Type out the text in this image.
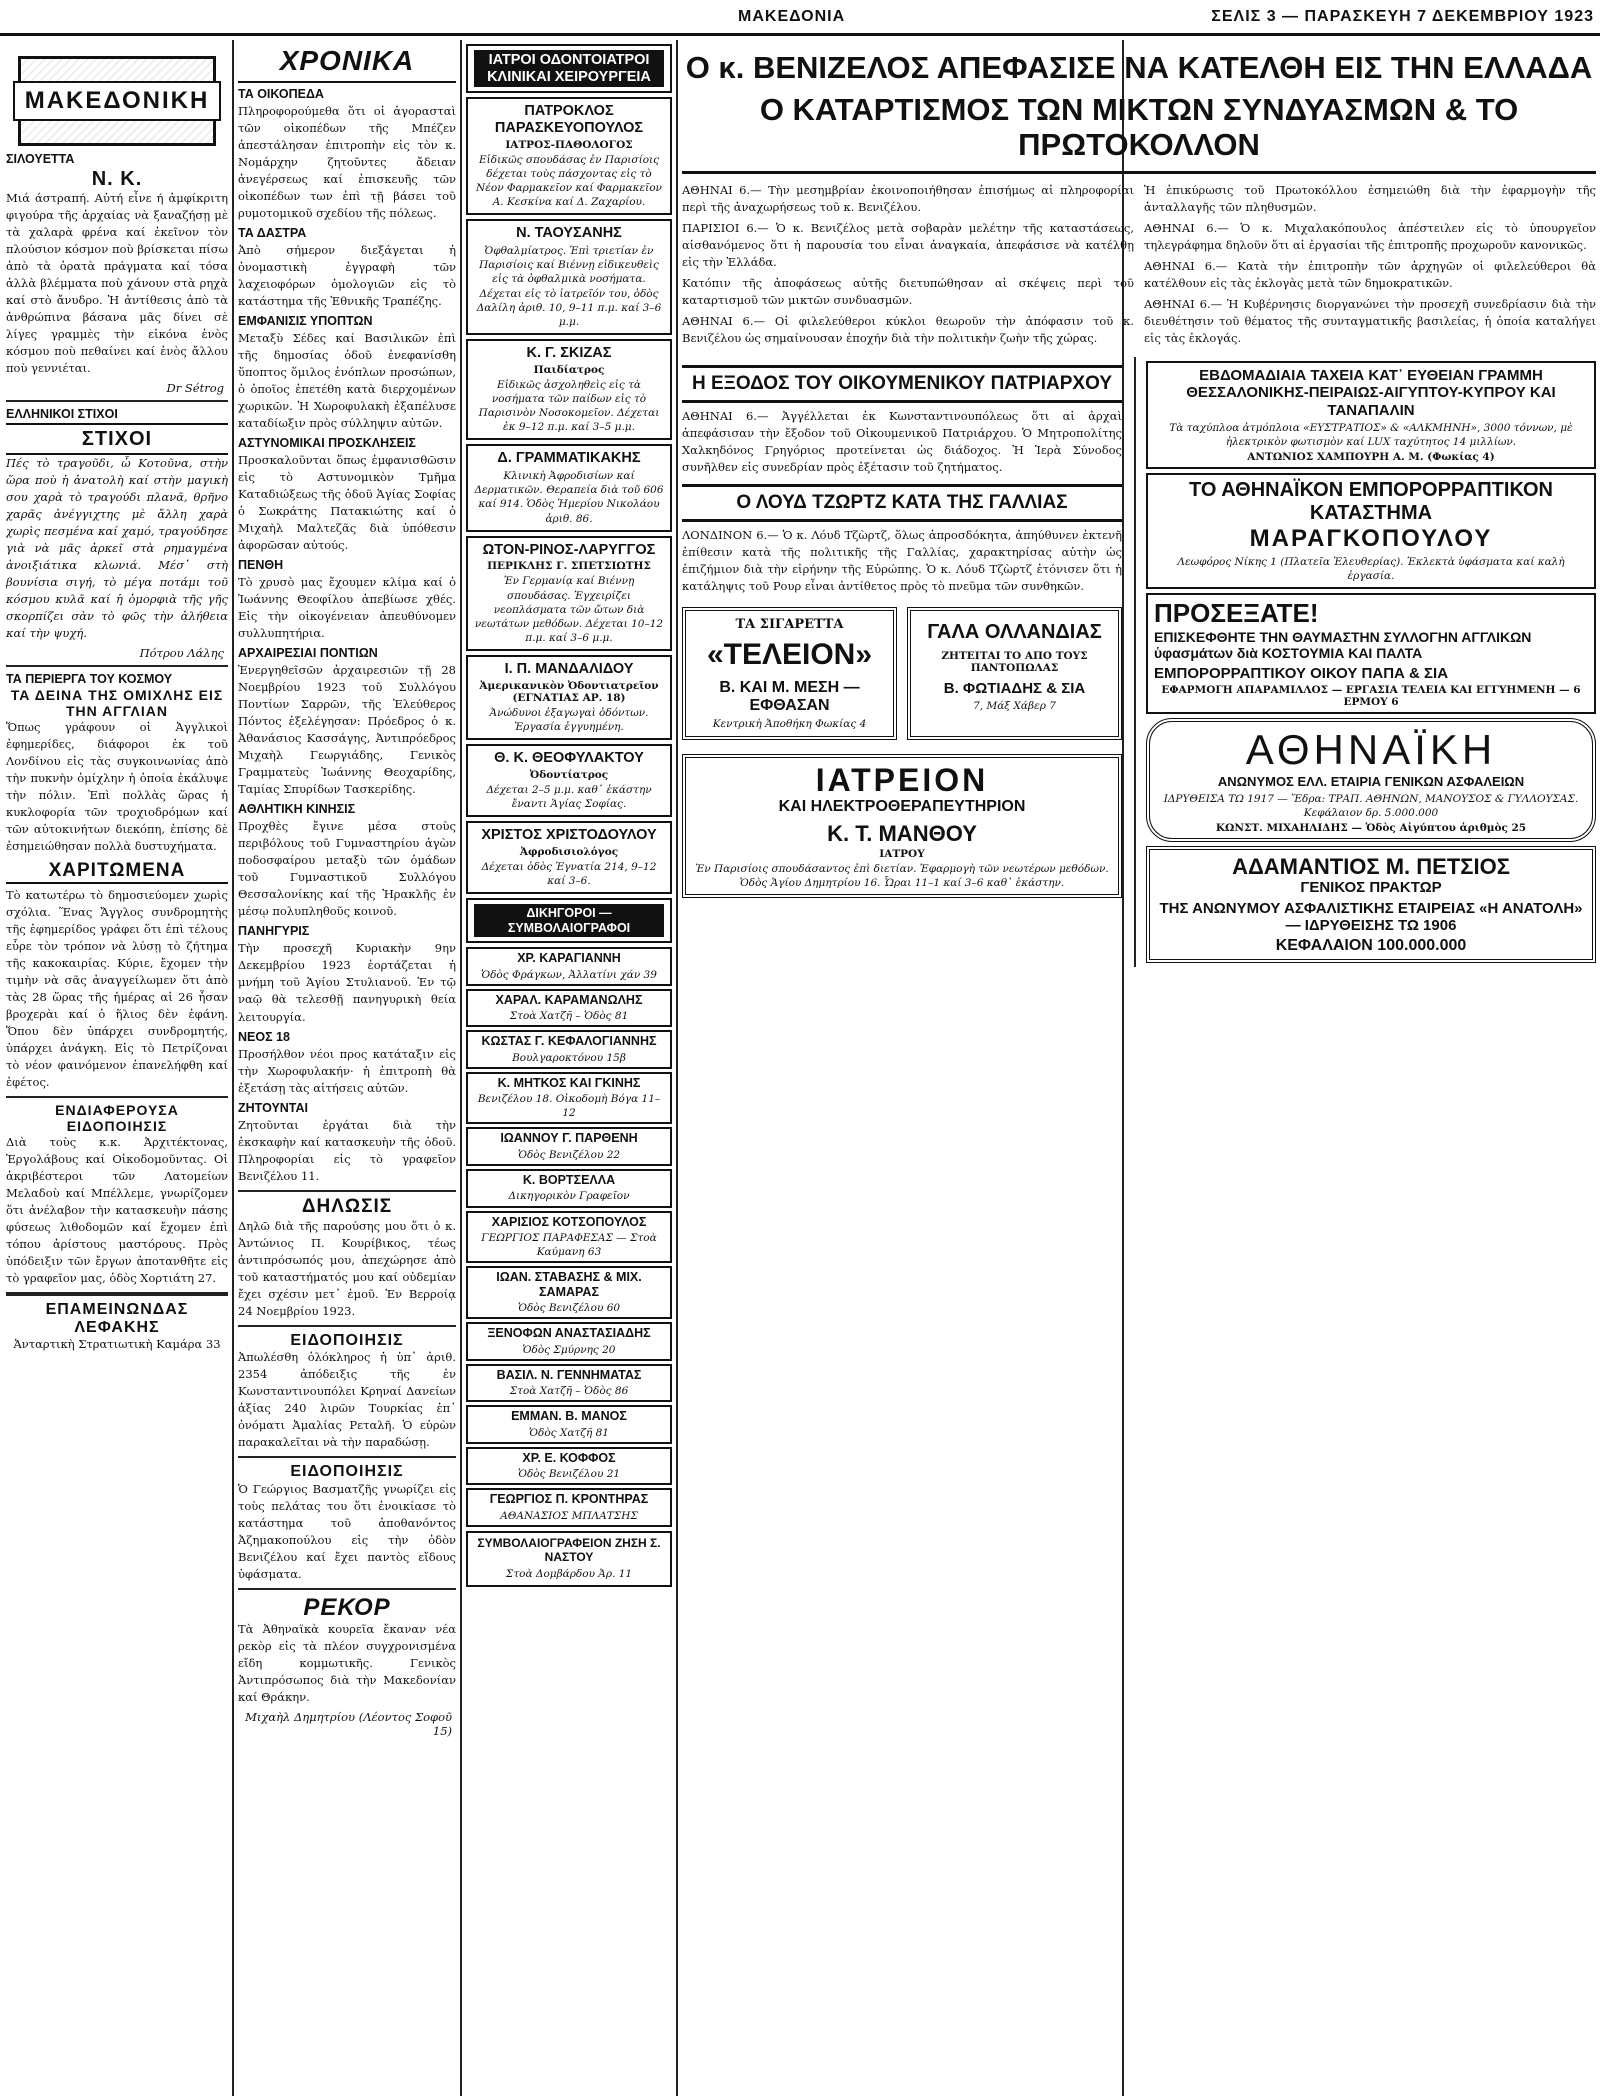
ΜΑΚΕΔΟΝΙΑ	ΣΕΛΙΣ 3 — ΠΑΡΑΣΚΕΥΗ 7 ΔΕΚΕΜΒΡΙΟΥ 1923
ΜΑΚΕΔΟΝΙΚΗ
ΣΙΛΟΥΕΤΤΑ
Ν. Κ.
Μιά άστραπή. Αὐτή εἶνε ή ἀμφίκριτη φιγούρα τῆς ἀρχαίας νὰ ξαναζήσῃ μὲ τὰ χαλαρὰ φρένα καί ἐκεῖνον τὸν πλούσιον κόσμον ποὺ βρίσκεται πίσω ἀπὸ τὰ ὁρατὰ πράγματα καί τόσα ἀλλὰ βλέμματα ποὺ χάνουν στὰ ρηχὰ καί στὸ ἄνυδρο. Ἡ ἀντίθεσις ἀπὸ τὰ ἀνθρώπινα βάσανα μᾶς δίνει σὲ λίγες γραμμὲς τὴν εἰκόνα ἑνὸς κόσμου ποὺ πεθαίνει καί ἑνὸς ἄλλου ποὺ γεννιέται.
Dr Sétrog
ΕΛΛΗΝΙΚΟΙ ΣΤΙΧΟΙ
ΣΤΙΧΟΙ
Πές τὸ τραγοῦδι, ὦ Κοτοῦνα, στὴν ὥρα ποὺ ἡ ἀνατολὴ καί στὴν μαγικὴ σου χαρὰ τὸ τραγούδι πλανᾶ, θρῆνο χαρᾶς ἀνέγγιχτης μὲ ἄλλη χαρὰ χωρὶς πεσμένα καί χαμό, τραγούδησε γιὰ νὰ μᾶς ἀρκεῖ στὰ ρημαγμένα ἀνοιξιάτικα κλωνιά. Μέσ᾽ στὴ βουνίσια σιγή, τὸ μέγα ποτάμι τοῦ κόσμου κυλᾶ καί ἡ ὁμορφιὰ τῆς γῆς σκορπίζει σὰν τὸ φῶς τὴν ἀλήθεια καί τὴν ψυχή.
Πότρου Λάλης
ΤΑ ΠΕΡΙΕΡΓΑ ΤΟΥ ΚΟΣΜΟΥ
ΤΑ ΔΕΙΝΑ ΤΗΣ ΟΜΙΧΛΗΣ ΕΙΣ ΤΗΝ ΑΓΓΛΙΑΝ
Ὅπως γράφουν οἱ Ἀγγλικοὶ ἐφημερίδες, διάφοροι ἐκ τοῦ Λονδίνου εἰς τὰς συγκοινωνίας ἀπὸ τὴν πυκνὴν ὁμίχλην ἡ ὁποία ἐκάλυψε τὴν πόλιν. Ἐπὶ πολλὰς ὥρας ἡ κυκλοφορία τῶν τροχιοδρόμων καί τῶν αὐτοκινήτων διεκόπη, ἐπίσης δὲ ἐσημειώθησαν πολλὰ δυστυχήματα.
ΧΑΡΙΤΩΜΕΝΑ
Τὸ κατωτέρω τὸ δημοσιεύομεν χωρὶς σχόλια. Ἕνας Ἄγγλος συνδρομητὴς τῆς ἐφημερίδος γράφει ὅτι ἐπὶ τέλους εὗρε τὸν τρόπον νὰ λύσῃ τὸ ζήτημα τῆς κακοκαιρίας. Κύριε, ἔχομεν τὴν τιμὴν νὰ σᾶς ἀναγγείλωμεν ὅτι ἀπὸ τὰς 28 ὥρας τῆς ἡμέρας αἱ 26 ἦσαν βροχερὰι καί ὁ ἥλιος δὲν ἐφάνη. Ὅπου δὲν ὑπάρχει συνδρομητής, ὑπάρχει ἀνάγκη. Εἰς τὸ Πετρίζοναι τὸ νέον φαινόμενον ἐπανελήφθη καί ἐφέτος.
ΕΝΔΙΑΦΕΡΟΥΣΑ ΕΙΔΟΠΟΙΗΣΙΣ
Διὰ τοὺς κ.κ. Ἀρχιτέκτονας, Ἐργολάβους καί Οἰκοδομοῦντας. Οἱ ἀκριβέστεροι τῶν Λατομείων Μελαδοὺ καί Μπέλλεμε, γνωρίζομεν ὅτι ἀνέλαβον τὴν κατασκευὴν πάσης φύσεως λιθοδομῶν καί ἔχομεν ἐπὶ τόπου ἀρίστους μαστόρους. Πρὸς ὑπόδειξιν τῶν ἔργων ἀποτανθῆτε εἰς τὸ γραφεῖον μας, ὁδὸς Χορτιάτη 27.
ΕΠΑΜΕΙΝΩΝΔΑΣ ΛΕΦΑΚΗΣ
Ἀνταρτικὴ Στρατιωτικὴ Καμάρα 33
ΧΡΟΝΙΚΑ
ΤΑ ΟΙΚΟΠΕΔΑ
Πληροφορούμεθα ὅτι οἱ ἀγορασταὶ τῶν οἰκοπέδων τῆς Μπέζεν ἀπεστάλησαν ἐπιτροπὴν εἰς τὸν κ. Νομάρχην ζητοῦντες ἄδειαν ἀνεγέρσεως καί ἐπισκευῆς τῶν οἰκοπέδων των ἐπὶ τῇ βάσει τοῦ ρυμοτομικοῦ σχεδίου τῆς πόλεως.
ΤΑ ΔΑΣΤΡΑ
Ἀπὸ σήμερον διεξάγεται ἡ ὀνομαστικὴ ἐγγραφὴ τῶν λαχειοφόρων ὁμολογιῶν εἰς τὸ κατάστημα τῆς Ἐθνικῆς Τραπέζης.
ΕΜΦΑΝΙΣΙΣ ΥΠΟΠΤΩΝ
Μεταξὺ Σέδες καί Βασιλικῶν ἐπὶ τῆς δημοσίας ὁδοῦ ἐνεφανίσθη ὕποπτος ὅμιλος ἐνόπλων προσώπων, ὁ ὁποῖος ἐπετέθη κατὰ διερχομένων χωρικῶν. Ἡ Χωροφυλακὴ ἐξαπέλυσε καταδίωξιν πρὸς σύλληψιν αὐτῶν.
ΑΣΤΥΝΟΜΙΚΑΙ ΠΡΟΣΚΛΗΣΕΙΣ
Προσκαλοῦνται ὅπως ἐμφανισθῶσιν εἰς τὸ Αστυνομικὸν Τμῆμα Καταδιώξεως τῆς ὁδοῦ Ἁγίας Σοφίας ὁ Σωκράτης Πατακιώτης καί ὁ Μιχαὴλ Μαλτεζᾶς διὰ ὑπόθεσιν ἀφορῶσαν αὐτούς.
ΠΕΝΘΗ
Τὸ χρυσὸ μας ἔχουμεν κλίμα καί ὁ Ἰωάννης Θεοφίλου ἀπεβίωσε χθές. Εἰς τὴν οἰκογένειαν ἀπευθύνομεν συλλυπητήρια.
ΑΡΧΑΙΡΕΣΙΑΙ ΠΟΝΤΙΩΝ
Ἐνεργηθεῖσῶν ἀρχαιρεσιῶν τῇ 28 Νοεμβρίου 1923 τοῦ Συλλόγου Ποντίων Σαρρῶν, τῆς Ἐλεύθερος Πόντος ἐξελέγησαν: Πρόεδρος ὁ κ. Ἀθανάσιος Κασσάγης, Ἀντιπρόεδρος Μιχαὴλ Γεωργιάδης, Γενικὸς Γραμματεὺς Ἰωάννης Θεοχαρίδης, Ταμίας Σπυρίδων Τασκερίδης.
ΑΘΛΗΤΙΚΗ ΚΙΝΗΣΙΣ
Προχθὲς ἔγινε μέσα στοὺς περιβόλους τοῦ Γυμναστηρίου ἀγὼν ποδοσφαίρου μεταξὺ τῶν ὁμάδων τοῦ Γυμναστικοῦ Συλλόγου Θεσσαλονίκης καί τῆς Ἠρακλῆς ἐν μέσῳ πολυπληθοῦς κοινοῦ.
ΠΑΝΗΓΥΡΙΣ
Τὴν προσεχῆ Κυριακὴν 9ην Δεκεμβρίου 1923 ἑορτάζεται ἡ μνήμη τοῦ Ἁγίου Στυλιανοῦ. Ἐν τῷ ναῷ θὰ τελεσθῇ πανηγυρικὴ θεία λειτουργία.
ΝΕΟΣ 18
Προσήλθον νέοι προς κατάταξιν εἰς τὴν Χωροφυλακήν· ἡ ἐπιτροπὴ θὰ ἐξετάσῃ τὰς αἰτήσεις αὐτῶν.
ΖΗΤΟΥΝΤΑΙ
Ζητοῦνται ἐργάται διὰ τὴν ἐκσκαφὴν καί κατασκευὴν τῆς ὁδοῦ. Πληροφορίαι εἰς τὸ γραφεῖον Βενιζέλου 11.
ΔΗΛΩΣΙΣ
Δηλῶ διὰ τῆς παρούσης μου ὅτι ὁ κ. Ἀντώνιος Π. Κουρίβικος, τέως ἀντιπρόσωπός μου, ἀπεχώρησε ἀπὸ τοῦ καταστήματός μου καί οὐδεμίαν ἔχει σχέσιν μετ᾽ ἐμοῦ. Ἐν Βερροίᾳ 24 Νοεμβρίου 1923.
ΕΙΔΟΠΟΙΗΣΙΣ
Ἀπωλέσθη ὁλόκληρος ἡ ὑπ᾽ ἀριθ. 2354 ἀπόδειξις τῆς ἐν Κωνσταντινουπόλει Κρηναί Δανείων ἀξίας 240 λιρῶν Τουρκίας ἐπ᾽ ὀνόματι Ἀμαλίας Ρεταλῆ. Ὁ εὑρὼν παρακαλεῖται νὰ τὴν παραδώσῃ.
ΕΙΔΟΠΟΙΗΣΙΣ
Ὁ Γεώργιος Βασματζῆς γνωρίζει εἰς τοὺς πελάτας του ὅτι ἐνοικίασε τὸ κατάστημα τοῦ ἀποθανόντος Ἀζημακοπούλου εἰς τὴν ὁδὸν Βενιζέλου καί ἔχει παντὸς εἴδους ὑφάσματα.
ΡΕΚΟΡ
Τὰ Ἀθηναϊκὰ κουρεῖα ἔκαναν νέα ρεκὸρ εἰς τὰ πλέον συγχρονισμένα εἴδη κομμωτικῆς. Γενικὸς Ἀντιπρόσωπος διὰ τὴν Μακεδονίαν καί Θράκην.
Μιχαὴλ Δημητρίου (Λέοντος Σοφοῦ 15)
ΙΑΤΡΟΙ ΟΔΟΝΤΟΙΑΤΡΟΙ ΚΛΙΝΙΚΑΙ ΧΕΙΡΟΥΡΓΕΙΑ
ΠΑΤΡΟΚΛΟΣ ΠΑΡΑΣΚΕΥΟΠΟΥΛΟΣ
ΙΑΤΡΟΣ-ΠΑΘΟΛΟΓΟΣ
Εἰδικῶς σπουδάσας ἐν Παρισίοις δέχεται τοὺς πάσχοντας εἰς τὸ Νέον Φαρμακεῖον καί Φαρμακεῖον Α. Κεσκίνα καί Δ. Ζαχαρίου.
Ν. ΤΑΟΥΣΑΝΗΣ
Ὀφθαλμίατρος. Ἐπὶ τριετίαν ἐν Παρισίοις καί Βιέννῃ εἰδικευθεὶς εἰς τὰ ὀφθαλμικὰ νοσήματα. Δέχεται εἰς τὸ ἰατρεῖόν του, ὁδὸς Δαλίλη ἀριθ. 10, 9–11 π.μ. καί 3–6 μ.μ.
Κ. Γ. ΣΚΙΖΑΣ
Παιδίατρος
Εἰδικῶς ἀσχοληθεὶς εἰς τὰ νοσήματα τῶν παίδων εἰς τὸ Παρισινὸν Νοσοκομεῖον. Δέχεται ἐκ 9–12 π.μ. καί 3–5 μ.μ.
Δ. ΓΡΑΜΜΑΤΙΚΑΚΗΣ
Κλινικὴ Ἀφροδισίων καί Δερματικῶν. Θεραπεία διὰ τοῦ 606 καί 914. Ὁδὸς Ἡμερίου Νικολάου ἀριθ. 86.
ΩΤΟΝ-ΡΙΝΟΣ-ΛΑΡΥΓΓΟΣ
ΠΕΡΙΚΛΗΣ Γ. ΣΠΕΤΣΙΩΤΗΣ
Ἐν Γερμανίᾳ καί Βιέννῃ σπουδάσας. Ἐγχειρίζει νεοπλάσματα τῶν ὤτων διὰ νεωτάτων μεθόδων. Δέχεται 10–12 π.μ. καί 3–6 μ.μ.
Ι. Π. ΜΑΝΔΑΛΙΔΟΥ
Ἀμερικανικὸν Ὀδοντιατρεῖον (ΕΓΝΑΤΙΑΣ ΑΡ. 18)
Ἀνώδυνοι ἐξαγωγαὶ ὀδόντων. Ἐργασία ἐγγυημένη.
Θ. Κ. ΘΕΟΦΥΛΑΚΤΟΥ
Ὀδοντίατρος
Δέχεται 2–5 μ.μ. καθ᾽ ἑκάστην ἔναντι Ἁγίας Σοφίας.
ΧΡΙΣΤΟΣ ΧΡΙΣΤΟΔΟΥΛΟΥ
Ἀφροδισιολόγος
Δέχεται ὁδὸς Ἐγνατία 214, 9–12 καί 3–6.
ΔΙΚΗΓΟΡΟΙ — ΣΥΜΒΟΛΑΙΟΓΡΑΦΟΙ
ΧΡ. ΚΑΡΑΓΙΑΝΝΗ
Ὁδὸς Φράγκων, Ἀλλατίνι χάν 39
ΧΑΡΑΛ. ΚΑΡΑΜΑΝΩΛΗΣ
Στοὰ Χατζῆ – Ὁδὸς 81
ΚΩΣΤΑΣ Γ. ΚΕΦΑΛΟΓΙΑΝΝΗΣ
Βουλγαροκτόνου 15β
Κ. ΜΗΤΚΟΣ ΚΑΙ ΓΚΙΝΗΣ
Βενιζέλου 18. Οἰκοδομὴ Βόγα 11–12
ΙΩΑΝΝΟΥ Γ. ΠΑΡΘΕΝΗ
Ὁδὸς Βενιζέλου 22
Κ. ΒΟΡΤΣΕΛΛΑ
Δικηγορικὸν Γραφεῖον
ΧΑΡΙΣΙΟΣ ΚΟΤΣΟΠΟΥΛΟΣ
ΓΕΩΡΓΙΟΣ ΠΑΡΑΦΕΣΑΣ — Στοὰ Καύμανη 63
ΙΩΑΝ. ΣΤΑΒΑΣΗΣ & ΜΙΧ. ΣΑΜΑΡΑΣ
Ὁδὸς Βενιζέλου 60
ΞΕΝΟΦΩΝ ΑΝΑΣΤΑΣΙΑΔΗΣ
Ὁδὸς Σμύρνης 20
ΒΑΣΙΛ. Ν. ΓΕΝΝΗΜΑΤΑΣ
Στοὰ Χατζῆ – Ὁδὸς 86
ΕΜΜΑΝ. Β. ΜΑΝΟΣ
Ὁδὸς Χατζῆ 81
ΧΡ. Ε. ΚΟΦΦΟΣ
Ὁδὸς Βενιζέλου 21
ΓΕΩΡΓΙΟΣ Π. ΚΡΟΝΤΗΡΑΣ
ΑΘΑΝΑΣΙΟΣ ΜΠΛΑΤΣΗΣ
ΣΥΜΒΟΛΑΙΟΓΡΑΦΕΙΟΝ ΖΗΣΗ Σ. ΝΑΣΤΟΥ
Στοὰ Δομβάρδου Ἀρ. 11
Ο κ. ΒΕΝΙΖΕΛΟΣ ΑΠΕΦΑΣΙΣΕ ΝΑ ΚΑΤΕΛΘΗ ΕΙΣ ΤΗΝ ΕΛΛΑΔΑ
Ο ΚΑΤΑΡΤΙΣΜΟΣ ΤΩΝ ΜΙΚΤΩΝ ΣΥΝΔΥΑΣΜΩΝ & ΤΟ ΠΡΩΤΟΚΟΛΛΟΝ
ΑΘΗΝΑΙ 6.— Τὴν μεσημβρίαν ἐκοινοποιήθησαν ἐπισήμως αἱ πληροφορίαι περὶ τῆς ἀναχωρήσεως τοῦ κ. Βενιζέλου.
ΠΑΡΙΣΙΟΙ 6.— Ὁ κ. Βενιζέλος μετὰ σοβαρὰν μελέτην τῆς καταστάσεως, αἰσθανόμενος ὅτι ἡ παρουσία του εἶναι ἀναγκαία, ἀπεφάσισε νὰ κατέλθῃ εἰς τὴν Ἑλλάδα.
Κατόπιν τῆς ἀποφάσεως αὐτῆς διετυπώθησαν αἱ σκέψεις περὶ τοῦ καταρτισμοῦ τῶν μικτῶν συνδυασμῶν.
ΑΘΗΝΑΙ 6.— Οἱ φιλελεύθεροι κύκλοι θεωροῦν τὴν ἀπόφασιν τοῦ κ. Βενιζέλου ὡς σημαίνουσαν ἐποχήν διὰ τὴν πολιτικὴν ζωὴν τῆς χώρας.
Ἡ ἐπικύρωσις τοῦ Πρωτοκόλλου ἐσημειώθη διὰ τὴν ἐφαρμογὴν τῆς ἀνταλλαγῆς τῶν πληθυσμῶν.
ΑΘΗΝΑΙ 6.— Ὁ κ. Μιχαλακόπουλος ἀπέστειλεν εἰς τὸ ὑπουργεῖον τηλεγράφημα δηλοῦν ὅτι αἱ ἐργασίαι τῆς ἐπιτροπῆς προχωροῦν κανονικῶς.
ΑΘΗΝΑΙ 6.— Κατὰ τὴν ἐπιτροπὴν τῶν ἀρχηγῶν οἱ φιλελεύθεροι θὰ κατέλθουν εἰς τὰς ἐκλογὰς μετὰ τῶν δημοκρατικῶν.
ΑΘΗΝΑΙ 6.— Ἡ Κυβέρνησις διοργανώνει τὴν προσεχῆ συνεδρίασιν διὰ τὴν διευθέτησιν τοῦ θέματος τῆς συνταγματικῆς βασιλείας, ἡ ὁποία καταλήγει εἰς τὰς ἐκλογάς.
Η ΕΞΟΔΟΣ ΤΟΥ ΟΙΚΟΥΜΕΝΙΚΟΥ ΠΑΤΡΙΑΡΧΟΥ
ΑΘΗΝΑΙ 6.— Ἀγγέλλεται ἐκ Κωνσταντινουπόλεως ὅτι αἱ ἀρχαὶ ἀπεφάσισαν τὴν ἔξοδον τοῦ Οἰκουμενικοῦ Πατριάρχου. Ὁ Μητροπολίτης Χαλκηδόνος Γρηγόριος προτείνεται ὡς διάδοχος. Ἡ Ἱερὰ Σύνοδος συνῆλθεν εἰς συνεδρίαν πρὸς ἐξέτασιν τοῦ ζητήματος.
Ο ΛΟΥΔ ΤΖΩΡΤΖ ΚΑΤΑ ΤΗΣ ΓΑΛΛΙΑΣ
ΛΟΝΔΙΝΟΝ 6.— Ὁ κ. Λόυδ Τζὼρτζ, ὅλως ἀπροσδόκητα, ἀπηύθυνεν ἐκτενῆ ἐπίθεσιν κατὰ τῆς πολιτικῆς τῆς Γαλλίας, χαρακτηρίσας αὐτὴν ὡς ἐπιζήμιον διὰ τὴν εἰρήνην τῆς Εὐρώπης. Ὁ κ. Λόυδ Τζὼρτζ ἐτόνισεν ὅτι ἡ κατάληψις τοῦ Ρουρ εἶναι ἀντίθετος πρὸς τὸ πνεῦμα τῶν συνθηκῶν.
ΤΑ ΣΙΓΑΡΕΤΤΑ
«ΤΕΛΕΙΟΝ»
Β. ΚΑΙ Μ. ΜΕΣΗ — ΕΦΘΑΣΑΝ
Κεντρικὴ Ἀποθήκη Φωκίας 4
ΓΑΛΑ ΟΛΛΑΝΔΙΑΣ
ΖΗΤΕΙΤΑΙ ΤΟ ΑΠΟ ΤΟΥΣ ΠΑΝΤΟΠΩΛΑΣ
Β. ΦΩΤΙΑΔΗΣ & ΣΙΑ
7, Μάξ Χάβερ 7
ΙΑΤΡΕΙΟΝ
ΚΑΙ ΗΛΕΚΤΡΟΘΕΡΑΠΕΥΤΗΡΙΟΝ
Κ. Τ. ΜΑΝΘΟΥ
ΙΑΤΡΟΥ
Ἐν Παρισίοις σπουδάσαντος ἐπὶ διετίαν. Ἐφαρμογὴ τῶν νεωτέρων μεθόδων. Ὁδὸς Ἁγίου Δημητρίου 16. Ὧραι 11–1 καί 3–6 καθ᾽ ἑκάστην.
ΕΒΔΟΜΑΔΙΑΙΑ ΤΑΧΕΙΑ ΚΑΤ᾽ ΕΥΘΕΙΑΝ ΓΡΑΜΜΗ
ΘΕΣΣΑΛΟΝΙΚΗΣ-ΠΕΙΡΑΙΩΣ-ΑΙΓΥΠΤΟΥ-ΚΥΠΡΟΥ ΚΑΙ ΤΑΝΑΠΑΛΙΝ
Τὰ ταχύπλοα ἀτμόπλοια «ΕΥΣΤΡΑΤΙΟΣ» & «ΑΛΚΜΗΝΗ», 3000 τόννων, μὲ ἠλεκτρικὸν φωτισμὸν καί LUX ταχύτητος 14 μιλλίων.
ΑΝΤΩΝΙΟΣ ΧΑΜΠΟΥΡΗ Α. Μ. (Φωκίας 4)
ΤΟ ΑΘΗΝΑΪΚΟΝ ΕΜΠΟΡΟΡΡΑΠΤΙΚΟΝ ΚΑΤΑΣΤΗΜΑ
ΜΑΡΑΓΚΟΠΟΥΛΟΥ
Λεωφόρος Νίκης 1 (Πλατεῖα Ἐλευθερίας). Ἐκλεκτὰ ὑφάσματα καί καλὴ ἐργασία.
ΠΡΟΣΕΞΑΤΕ!
ΕΠΙΣΚΕΦΘΗΤΕ ΤΗΝ ΘΑΥΜΑΣΤΗΝ ΣΥΛΛΟΓΗΝ ΑΓΓΛΙΚΩΝ ὑφασμάτων διὰ ΚΟΣΤΟΥΜΙΑ ΚΑΙ ΠΑΛΤΑ
ΕΜΠΟΡΟΡΡΑΠΤΙΚΟΥ ΟΙΚΟΥ ΠΑΠΑ & ΣΙΑ
ΕΦΑΡΜΟΓΗ ΑΠΑΡΑΜΙΛΛΟΣ — ΕΡΓΑΣΙΑ ΤΕΛΕΙΑ ΚΑΙ ΕΓΓΥΗΜΕΝΗ — 6 ΕΡΜΟΥ 6
ΑΘΗΝΑΪΚΗ
ΑΝΩΝΥΜΟΣ ΕΛΛ. ΕΤΑΙΡΙΑ ΓΕΝΙΚΩΝ ΑΣΦΑΛΕΙΩΝ
ΙΔΡΥΘΕΙΣΑ ΤΩ 1917 — Ἕδρα: ΤΡΑΠ. ΑΘΗΝΩΝ, ΜΑΝΟΥΣΟΣ & ΓΥΛΛΟΥΣΑΣ. Κεφάλαιον δρ. 5.000.000
ΚΩΝΣΤ. ΜΙΧΑΗΛΙΔΗΣ — Ὁδὸς Αἰγύπτου ἀριθμὸς 25
ΑΔΑΜΑΝΤΙΟΣ Μ. ΠΕΤΣΙΟΣ
ΓΕΝΙΚΟΣ ΠΡΑΚΤΩΡ
ΤΗΣ ΑΝΩΝΥΜΟΥ ΑΣΦΑΛΙΣΤΙΚΗΣ ΕΤΑΙΡΕΙΑΣ «Η ΑΝΑΤΟΛΗ» — ΙΔΡΥΘΕΙΣΗΣ ΤΩ 1906
ΚΕΦΑΛΑΙΟΝ 100.000.000
